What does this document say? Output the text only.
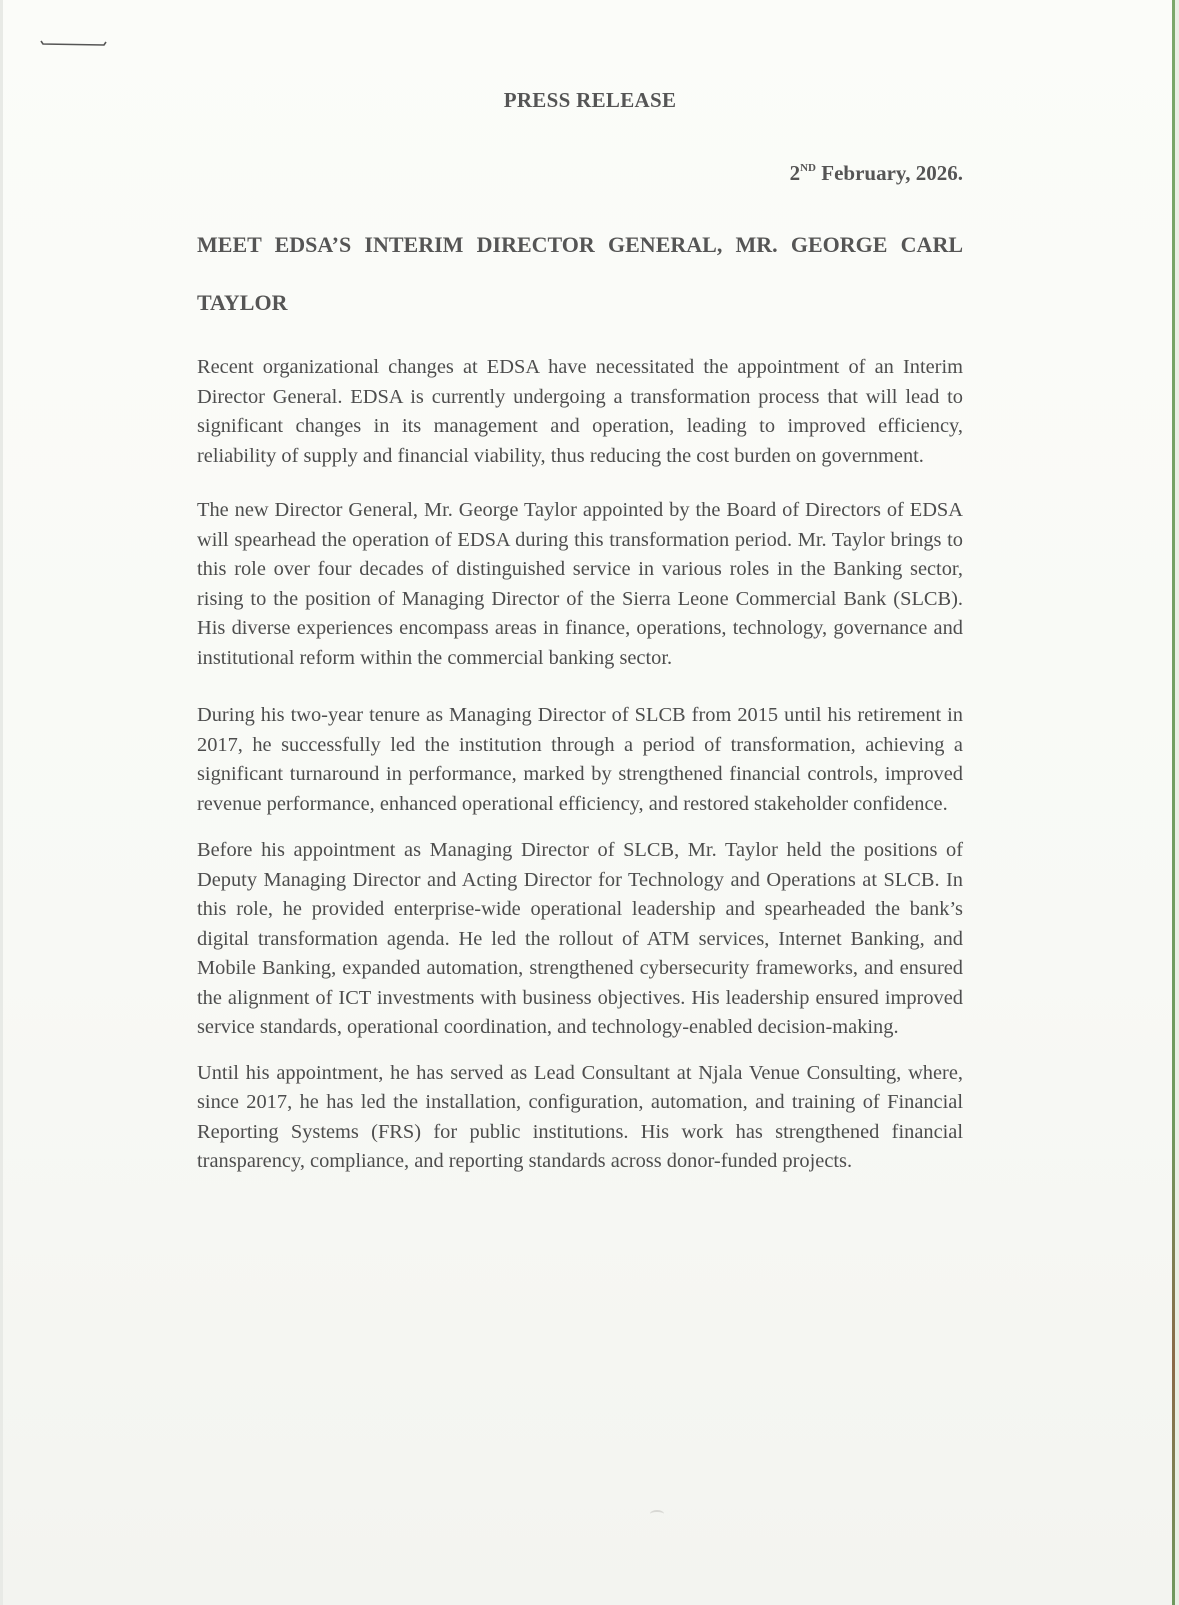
PRESS RELEASE
2ND February, 2026.
MEET EDSA’S INTERIM DIRECTOR GENERAL, MR. GEORGE CARL TAYLOR

Recent organizational changes at EDSA have necessitated the appointment of an Interim Director General. EDSA is currently undergoing a transformation process that will lead to significant changes in its management and operation, leading to improved efficiency, reliability of supply and financial viability, thus reducing the cost burden on government.

The new Director General, Mr. George Taylor appointed by the Board of Directors of EDSA will spearhead the operation of EDSA during this transformation period. Mr. Taylor brings to this role over four decades of distinguished service in various roles in the Banking sector, rising to the position of Managing Director of the Sierra Leone Commercial Bank (SLCB). His diverse experiences encompass areas in finance, operations, technology, governance and institutional reform within the commercial banking sector.

During his two-year tenure as Managing Director of SLCB from 2015 until his retirement in 2017, he successfully led the institution through a period of transformation, achieving a significant turnaround in performance, marked by strengthened financial controls, improved revenue performance, enhanced operational efficiency, and restored stakeholder confidence.

Before his appointment as Managing Director of SLCB, Mr. Taylor held the positions of Deputy Managing Director and Acting Director for Technology and Operations at SLCB. In this role, he provided enterprise-wide operational leadership and spearheaded the bank’s digital transformation agenda. He led the rollout of ATM services, Internet Banking, and Mobile Banking, expanded automation, strengthened cybersecurity frameworks, and ensured the alignment of ICT investments with business objectives. His leadership ensured improved service standards, operational coordination, and technology-enabled decision-making.

Until his appointment, he has served as Lead Consultant at Njala Venue Consulting, where, since 2017, he has led the installation, configuration, automation, and training of Financial Reporting Systems (FRS) for public institutions. His work has strengthened financial transparency, compliance, and reporting standards across donor-funded projects.
